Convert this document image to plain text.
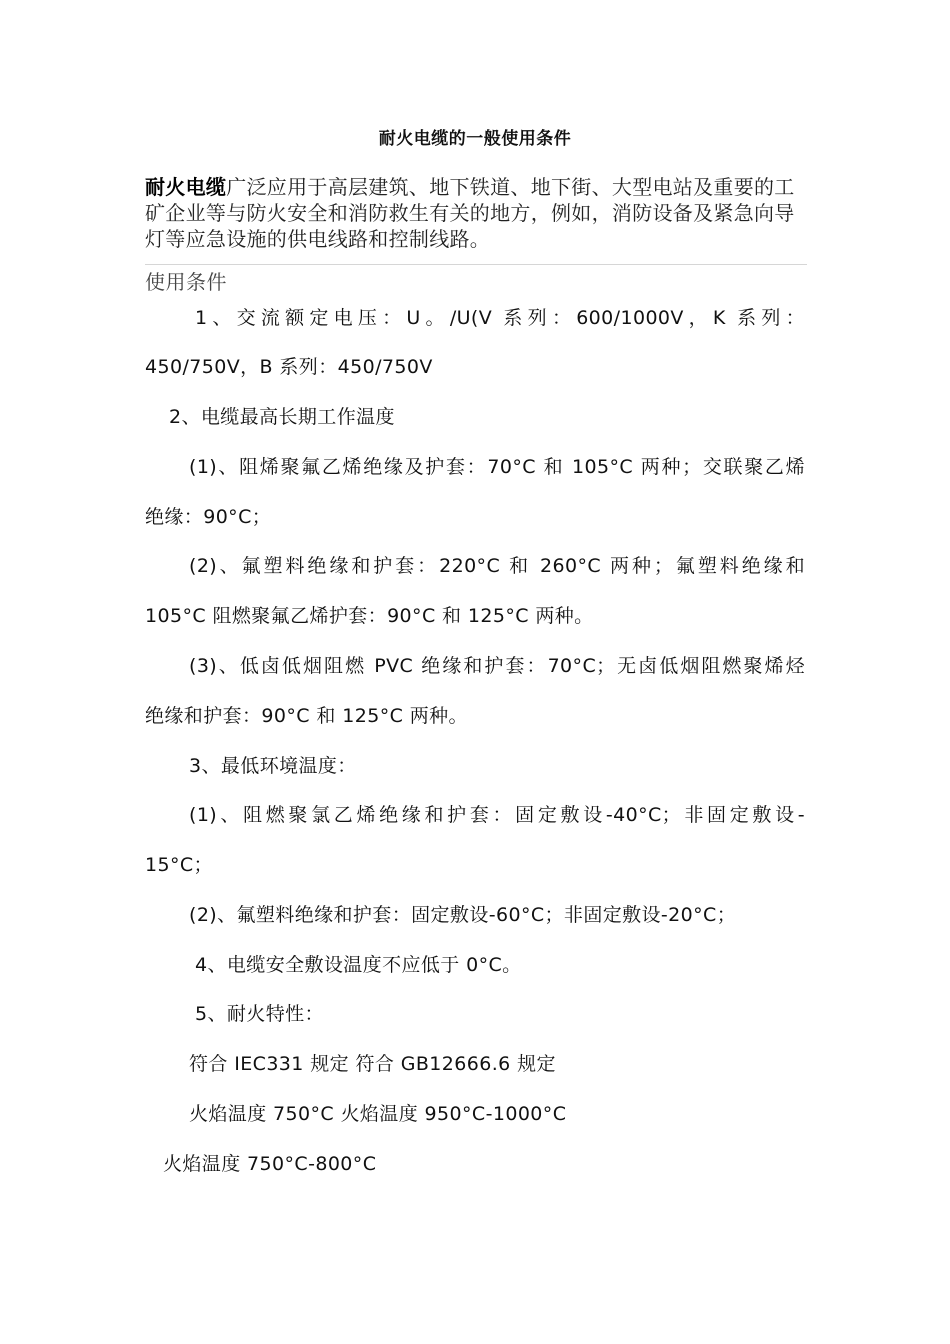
耐火电缆的一般使用条件
耐火电缆广泛应用于高层建筑、地下铁道、地下街、大型电站及重要的工矿企业等与防火安全和消防救生有关的地方，例如，消防设备及紧急向导灯等应急设施的供电线路和控制线路。
使用条件
1、交流额定电压：U。/U(V 系列：600/1000V，K 系列：
450/750V，B 系列：450/750V
2、电缆最高长期工作温度
(1)、阻烯聚氟乙烯绝缘及护套：70°C 和 105°C 两种；交联聚乙烯
绝缘：90°C；
(2)、氟塑料绝缘和护套：220°C 和 260°C 两种；氟塑料绝缘和
105°C 阻燃聚氟乙烯护套：90°C 和 125°C 两种。
(3)、低卤低烟阻燃 PVC 绝缘和护套：70°C；无卤低烟阻燃聚烯烃
绝缘和护套：90°C 和 125°C 两种。
3、最低环境温度：
(1)、阻燃聚氯乙烯绝缘和护套：固定敷设-40°C；非固定敷设-
15°C；
(2)、氟塑料绝缘和护套：固定敷设-60°C；非固定敷设-20°C；
4、电缆安全敷设温度不应低于 0°C。
5、耐火特性：
符合 IEC331 规定 符合 GB12666.6 规定
火焰温度 750°C 火焰温度 950°C-1000°C
火焰温度 750°C-800°C
